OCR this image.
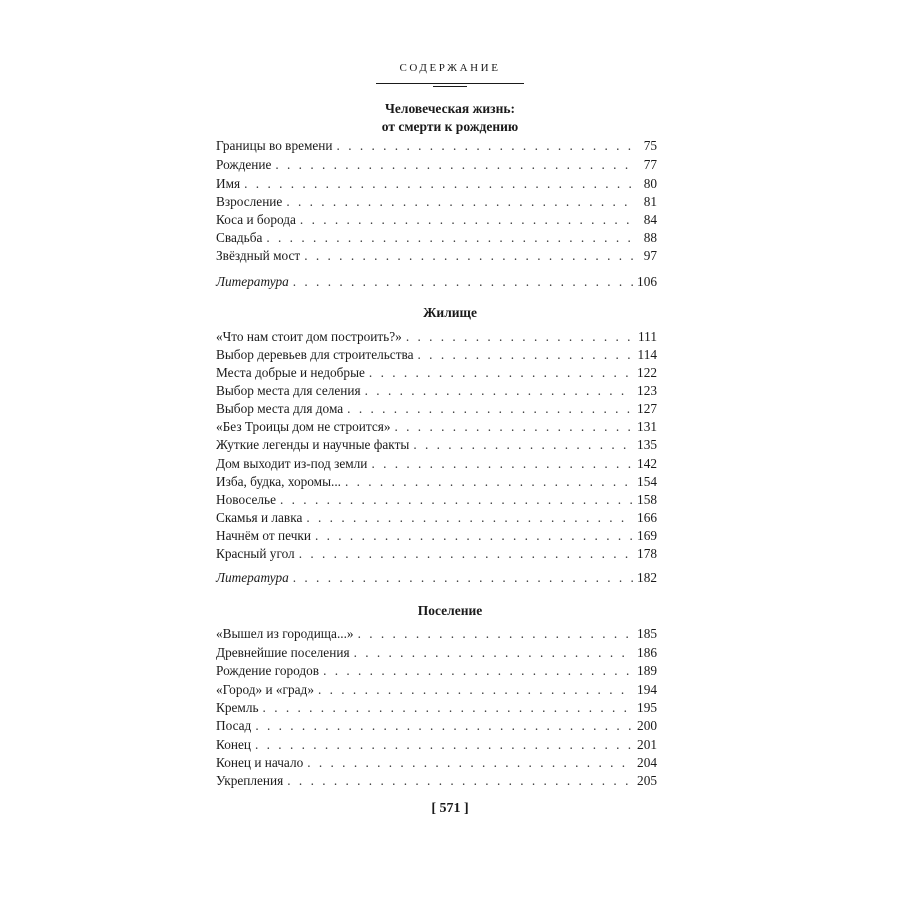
СОДЕРЖАНИЕ
Человеческая жизнь:
от смерти к рождению
Границы во времени . . .	75
Рождение . . .	77
Имя . . .	80
Взросление . . .	81
Коса и борода . . .	84
Свадьба . . .	88
Звёздный мост . . .	97
Литература . . .	106
Жилище
«Что нам стоит дом построить?» . . .	111
Выбор деревьев для строительства . . .	114
Места добрые и недобрые . . .	122
Выбор места для селения . . .	123
Выбор места для дома . . .	127
«Без Троицы дом не строится» . . .	131
Жуткие легенды и научные факты . . .	135
Дом выходит из-под земли . . .	142
Изба, будка, хоромы... . . .	154
Новоселье . . .	158
Скамья и лавка . . .	166
Начнём от печки . . .	169
Красный угол . . .	178
Литература . . .	182
Поселение
«Вышел из городища...» . . .	185
Древнейшие поселения . . .	186
Рождение городов . . .	189
«Город» и «град» . . .	194
Кремль . . .	195
Посад . . .	200
Конец . . .	201
Конец и начало . . .	204
Укрепления . . .	205
[ 571 ]
